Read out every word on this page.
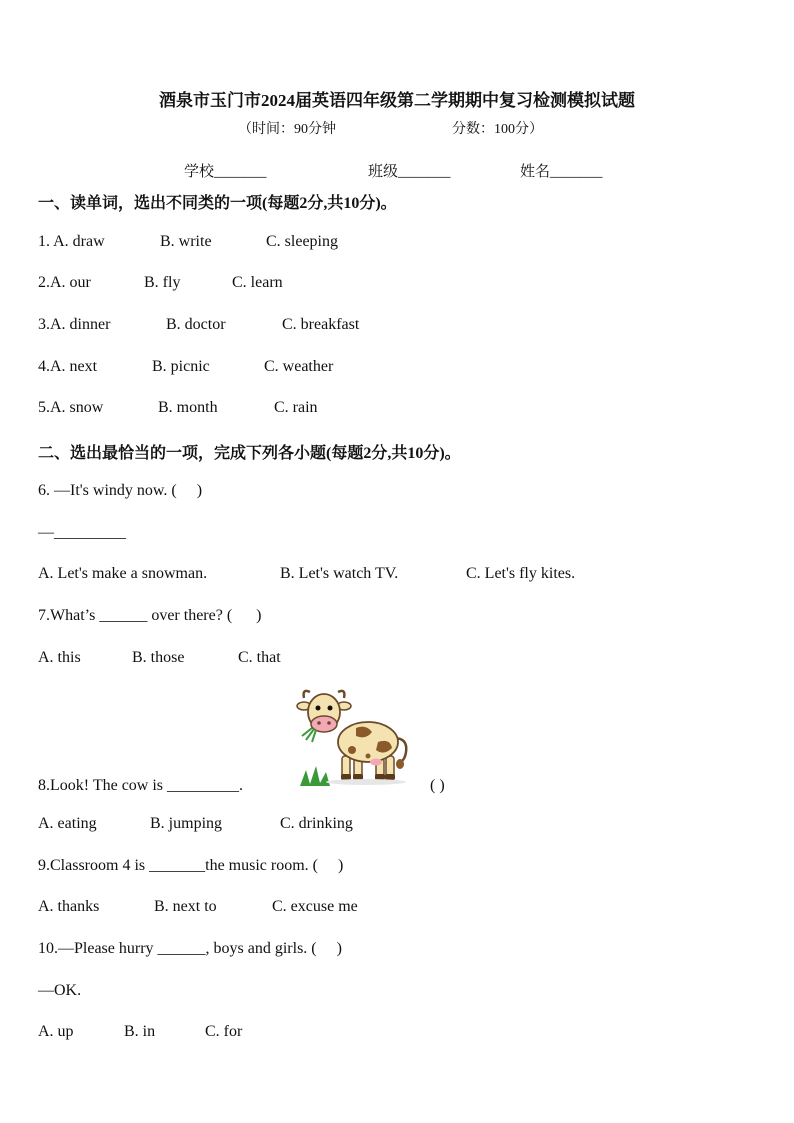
酒泉市玉门市2024届英语四年级第二学期期中复习检测模拟试题
（时间：90分钟	分数：100分）
学校_______	班级_______	姓名_______
一、读单词，选出不同类的一项(每题2分,共10分)。
1. A. draw	B. write	C. sleeping
2.A. our	B. fly	C. learn
3.A. dinner	B. doctor	C. breakfast
4.A. next	B. picnic	C. weather
5.A. snow	B. month	C. rain
二、选出最恰当的一项，完成下列各小题(每题2分,共10分)。
6. —It's windy now. (     )
—_________
A. Let's make a snowman.	B. Let's watch TV.	C. Let's fly kites.
7.What’s ______ over there? (      )
A. this	B. those	C. that
8.Look! The cow is _________.	( )
A. eating	B. jumping	C. drinking
9.Classroom 4 is _______the music room. (     )
A. thanks	B. next to	C. excuse me
10.—Please hurry ______, boys and girls. (     )
—OK.
A. up	B. in	C. for
